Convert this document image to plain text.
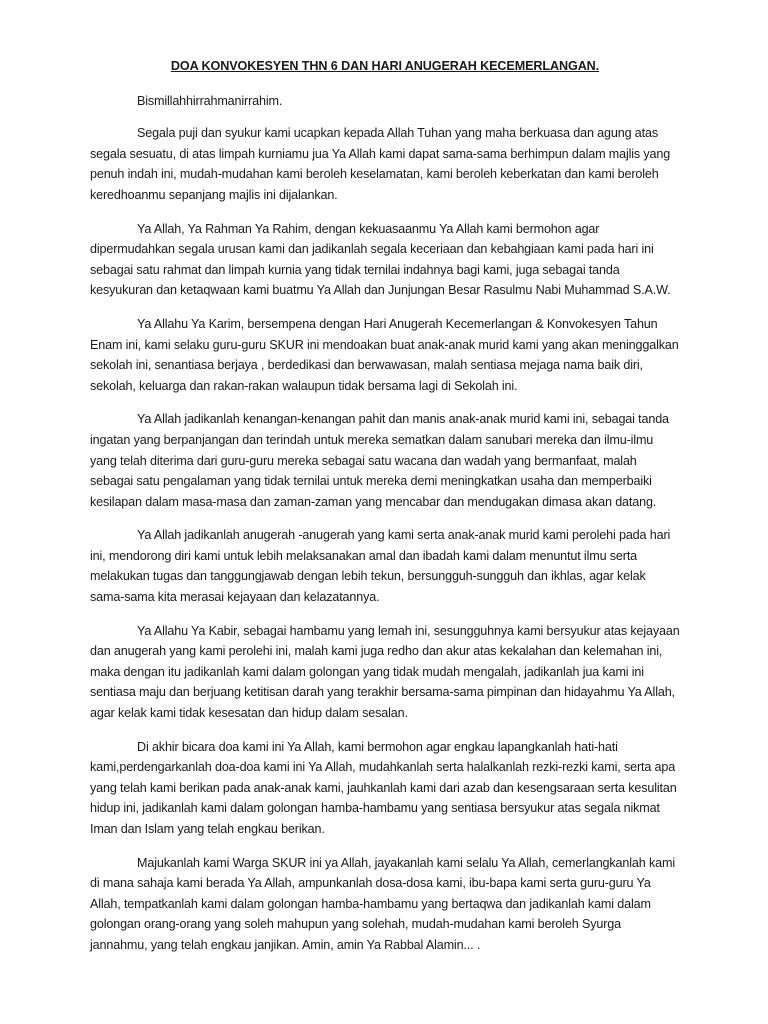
DOA KONVOKESYEN THN 6 DAN HARI ANUGERAH KECEMERLANGAN.
Bismillahhirrahmanirrahim.

Segala puji dan syukur kami ucapkan kepada Allah Tuhan yang maha berkuasa dan agung atas segala sesuatu, di atas limpah kurniamu jua Ya Allah kami dapat sama-sama berhimpun dalam majlis yang penuh indah ini, mudah-mudahan kami beroleh keselamatan, kami beroleh keberkatan dan kami beroleh keredhoanmu sepanjang majlis ini dijalankan.

Ya Allah, Ya Rahman Ya Rahim, dengan kekuasaanmu Ya Allah kami bermohon agar dipermudahkan segala urusan kami dan jadikanlah segala keceriaan dan kebahgiaan kami pada hari ini sebagai satu rahmat dan limpah kurnia yang tidak ternilai indahnya bagi kami, juga sebagai tanda kesyukuran dan ketaqwaan kami buatmu Ya Allah dan Junjungan Besar Rasulmu Nabi Muhammad S.A.W.

Ya Allahu Ya Karim, bersempena dengan Hari Anugerah Kecemerlangan & Konvokesyen Tahun Enam ini, kami selaku guru-guru SKUR ini mendoakan buat anak-anak murid kami yang akan meninggalkan sekolah ini, senantiasa berjaya , berdedikasi dan berwawasan, malah sentiasa mejaga nama baik diri, sekolah, keluarga dan rakan-rakan walaupun tidak bersama lagi di Sekolah ini.

Ya Allah jadikanlah kenangan-kenangan pahit dan manis anak-anak murid kami ini, sebagai tanda ingatan yang berpanjangan dan terindah untuk mereka sematkan dalam sanubari mereka dan ilmu-ilmu yang telah diterima dari guru-guru mereka sebagai satu wacana dan wadah yang bermanfaat, malah sebagai satu pengalaman yang tidak ternilai untuk mereka demi meningkatkan usaha dan memperbaiki kesilapan dalam masa-masa dan zaman-zaman yang mencabar dan mendugakan dimasa akan datang.

Ya Allah jadikanlah anugerah -anugerah yang kami serta anak-anak murid kami perolehi pada hari ini, mendorong diri kami untuk lebih melaksanakan amal dan ibadah kami dalam menuntut ilmu serta melakukan tugas dan tanggungjawab dengan lebih tekun, bersungguh-sungguh dan ikhlas, agar kelak sama-sama kita merasai kejayaan dan kelazatannya.

Ya Allahu Ya Kabir, sebagai hambamu yang lemah ini, sesungguhnya kami bersyukur atas kejayaan dan anugerah yang kami perolehi ini, malah kami juga redho dan akur atas kekalahan dan kelemahan ini, maka dengan itu jadikanlah kami dalam golongan yang tidak mudah mengalah, jadikanlah jua kami ini sentiasa maju dan berjuang ketitisan darah yang terakhir bersama-sama pimpinan dan hidayahmu Ya Allah, agar kelak kami tidak kesesatan dan hidup dalam sesalan.

Di akhir bicara doa kami ini Ya Allah, kami bermohon agar engkau lapangkanlah hati-hati kami,perdengarkanlah doa-doa kami ini Ya Allah, mudahkanlah serta halalkanlah rezki-rezki kami, serta apa yang telah kami berikan pada anak-anak kami, jauhkanlah kami dari azab dan kesengsaraan serta kesulitan hidup ini, jadikanlah kami dalam golongan hamba-hambamu yang sentiasa bersyukur atas segala nikmat Iman dan Islam yang telah engkau berikan.

Majukanlah kami Warga SKUR ini ya Allah, jayakanlah kami selalu Ya Allah, cemerlangkanlah kami di mana sahaja kami berada Ya Allah, ampunkanlah dosa-dosa kami, ibu-bapa kami serta guru-guru Ya Allah, tempatkanlah kami dalam golongan hamba-hambamu yang bertaqwa dan jadikanlah kami dalam golongan orang-orang yang soleh mahupun yang solehah, mudah-mudahan kami beroleh Syurga jannahmu, yang telah engkau janjikan. Amin, amin Ya Rabbal Alamin... .
